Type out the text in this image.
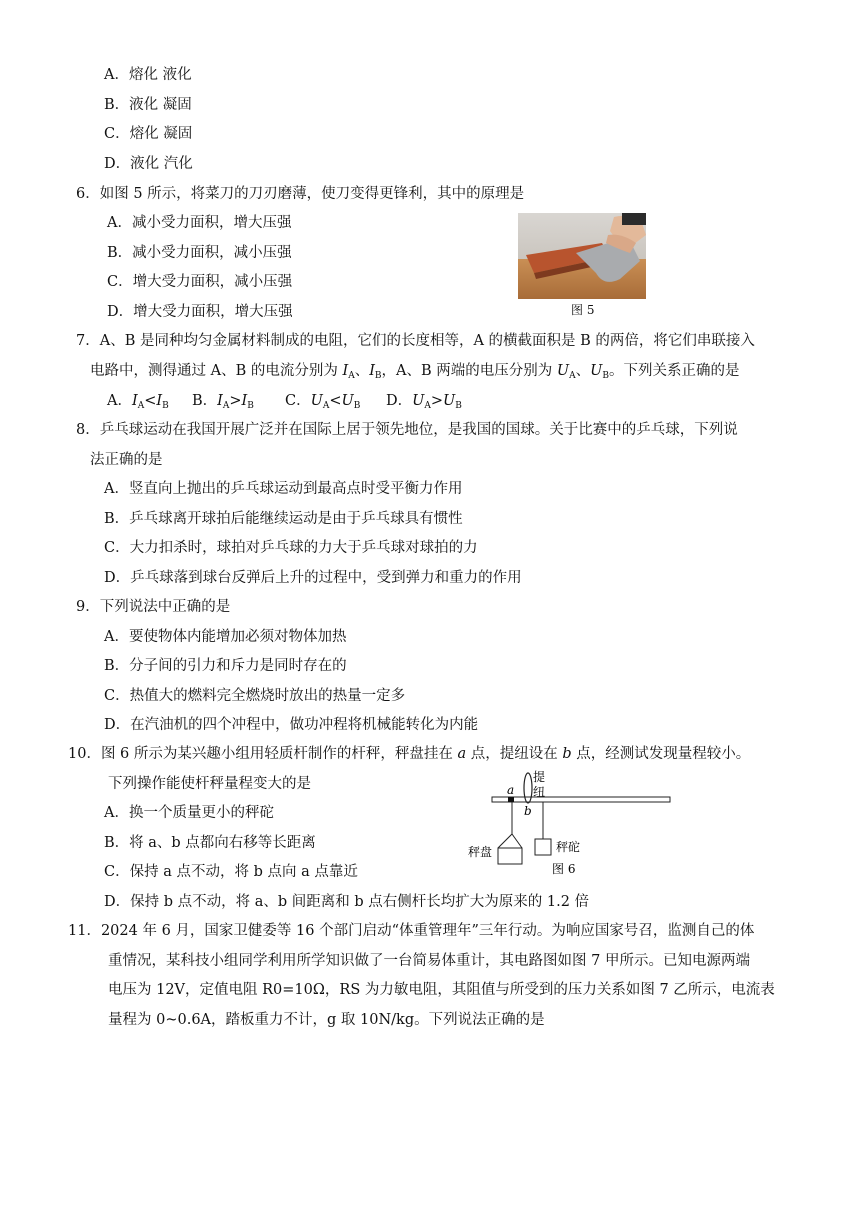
A．熔化 液化
B．液化 凝固
C．熔化 凝固
D．液化 汽化
6．如图 5 所示，将菜刀的刀刃磨薄，使刀变得更锋利，其中的原理是
A．减小受力面积，增大压强
B．减小受力面积，减小压强
C．增大受力面积，减小压强
D．增大受力面积，增大压强	图 5
7．A、B 是同种均匀金属材料制成的电阻，它们的长度相等，A 的横截面积是 B 的两倍，将它们串联接入
电路中，测得通过 A、B 的电流分别为 $I_A$、$I_B$，A、B 两端的电压分别为 $U_A$、$U_B$。下列关系正确的是
A．$I_A<I_B$ B．$I_A>I_B$ C．$U_A<U_B$ D．$U_A>U_B$
8．乒乓球运动在我国开展广泛并在国际上居于领先地位，是我国的国球。关于比赛中的乒乓球，下列说
法正确的是
A．竖直向上抛出的乒乓球运动到最高点时受平衡力作用
B．乒乓球离开球拍后能继续运动是由于乒乓球具有惯性
C．大力扣杀时，球拍对乒乓球的力大于乒乓球对球拍的力
D．乒乓球落到球台反弹后上升的过程中，受到弹力和重力的作用
9．下列说法中正确的是
A．要使物体内能增加必须对物体加热
B．分子间的引力和斥力是同时存在的
C．热值大的燃料完全燃烧时放出的热量一定多
D．在汽油机的四个冲程中，做功冲程将机械能转化为内能
10．图 6 所示为某兴趣小组用轻质杆制作的杆秤，秤盘挂在 a 点，提纽设在 b 点，经测试发现量程较小。
下列操作能使杆秤量程变大的是
A．换一个质量更小的秤砣
B．将 a、b 点都向右移等长距离
C．保持 a 点不动，将 b 点向 a 点靠近
D．保持 b 点不动，将 a、b 间距离和 b 点右侧杆长均扩大为原来的 1.2 倍
a
b
提
纽
秤盘	秤砣
图 6
11．2024 年 6 月，国家卫健委等 16 个部门启动“体重管理年”三年行动。为响应国家号召，监测自己的体
重情况，某科技小组同学利用所学知识做了一台简易体重计，其电路图如图 7 甲所示。已知电源两端
电压为 12V，定值电阻 R0=10Ω，RS 为力敏电阻，其阻值与所受到的压力关系如图 7 乙所示，电流表
量程为 0~0.6A，踏板重力不计，g 取 10N/kg。下列说法正确的是
